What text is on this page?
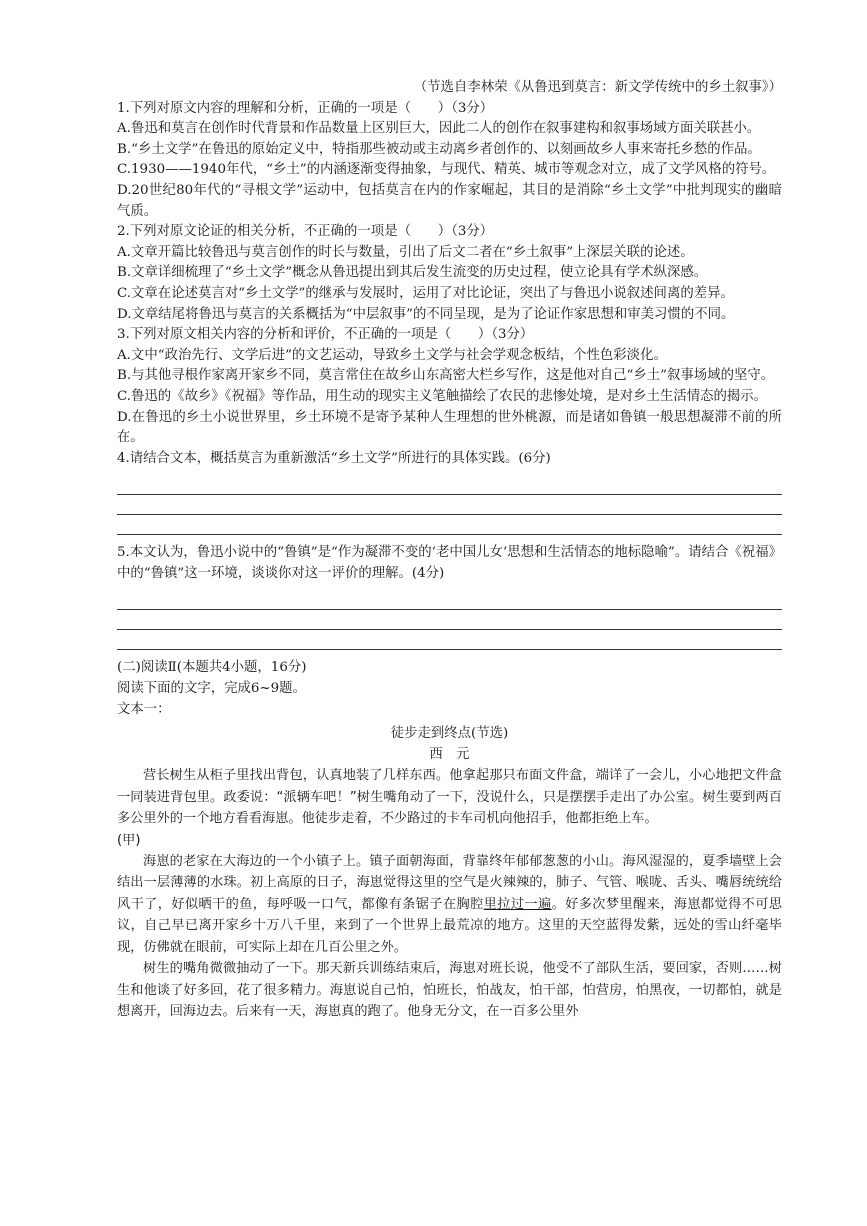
（节选自李林荣《从鲁迅到莫言：新文学传统中的乡土叙事》）

1.下列对原文内容的理解和分析，正确的一项是（　　）（3分）

A.鲁迅和莫言在创作时代背景和作品数量上区别巨大，因此二人的创作在叙事建构和叙事场域方面关联甚小。

B.“乡土文学”在鲁迅的原始定义中，特指那些被动或主动离乡者创作的、以刻画故乡人事来寄托乡愁的作品。

C.1930——1940年代，“乡土”的内涵逐渐变得抽象，与现代、精英、城市等观念对立，成了文学风格的符号。

D.20世纪80年代的“寻根文学”运动中，包括莫言在内的作家崛起，其目的是消除“乡土文学”中批判现实的幽暗气质。

2.下列对原文论证的相关分析，不正确的一项是（　　）（3分）

A.文章开篇比较鲁迅与莫言创作的时长与数量，引出了后文二者在“乡土叙事”上深层关联的论述。

B.文章详细梳理了“乡土文学”概念从鲁迅提出到其后发生流变的历史过程，使立论具有学术纵深感。

C.文章在论述莫言对“乡土文学”的继承与发展时，运用了对比论证，突出了与鲁迅小说叙述间离的差异。

D.文章结尾将鲁迅与莫言的关系概括为“中层叙事”的不同呈现，是为了论证作家思想和审美习惯的不同。

3.下列对原文相关内容的分析和评价，不正确的一项是（　　）（3分）

A.文中“政治先行、文学后进”的文艺运动，导致乡土文学与社会学观念板结，个性色彩淡化。

B.与其他寻根作家离开家乡不同，莫言常住在故乡山东高密大栏乡写作，这是他对自己“乡土”叙事场域的坚守。

C.鲁迅的《故乡》《祝福》等作品，用生动的现实主义笔触描绘了农民的悲惨处境，是对乡土生活情态的揭示。

D.在鲁迅的乡土小说世界里，乡土环境不是寄予某种人生理想的世外桃源，而是诸如鲁镇一般思想凝滞不前的所在。

4.请结合文本，概括莫言为重新激活“乡土文学”所进行的具体实践。(6分)

5.本文认为，鲁迅小说中的“鲁镇”是“作为凝滞不变的‘老中国儿女’思想和生活情态的地标隐喻”。请结合《祝福》中的“鲁镇”这一环境，谈谈你对这一评价的理解。(4分)

(二)阅读Ⅱ(本题共4小题，16分)

阅读下面的文字，完成6~9题。

文本一：

徒步走到终点(节选)

西　元

营长树生从柜子里找出背包，认真地装了几样东西。他拿起那只布面文件盒，端详了一会儿，小心地把文件盒一同装进背包里。政委说：“派辆车吧！”树生嘴角动了一下，没说什么，只是摆摆手走出了办公室。树生要到两百多公里外的一个地方看看海崽。他徒步走着，不少路过的卡车司机向他招手，他都拒绝上车。

(甲)

海崽的老家在大海边的一个小镇子上。镇子面朝海面，背靠终年郁郁葱葱的小山。海风湿湿的，夏季墙壁上会结出一层薄薄的水珠。初上高原的日子，海崽觉得这里的空气是火辣辣的，肺子、气管、喉咙、舌头、嘴唇统统给风干了，好似晒干的鱼，每呼吸一口气，都像有条锯子在胸腔里拉过一遍。好多次梦里醒来，海崽都觉得不可思议，自己早已离开家乡十万八千里，来到了一个世界上最荒凉的地方。这里的天空蓝得发紫，远处的雪山纤毫毕现，仿佛就在眼前，可实际上却在几百公里之外。

树生的嘴角微微抽动了一下。那天新兵训练结束后，海崽对班长说，他受不了部队生活，要回家，否则……树生和他谈了好多回，花了很多精力。海崽说自己怕，怕班长，怕战友，怕干部，怕营房，怕黑夜，一切都怕，就是想离开，回海边去。后来有一天，海崽真的跑了。他身无分文，在一百多公里外
